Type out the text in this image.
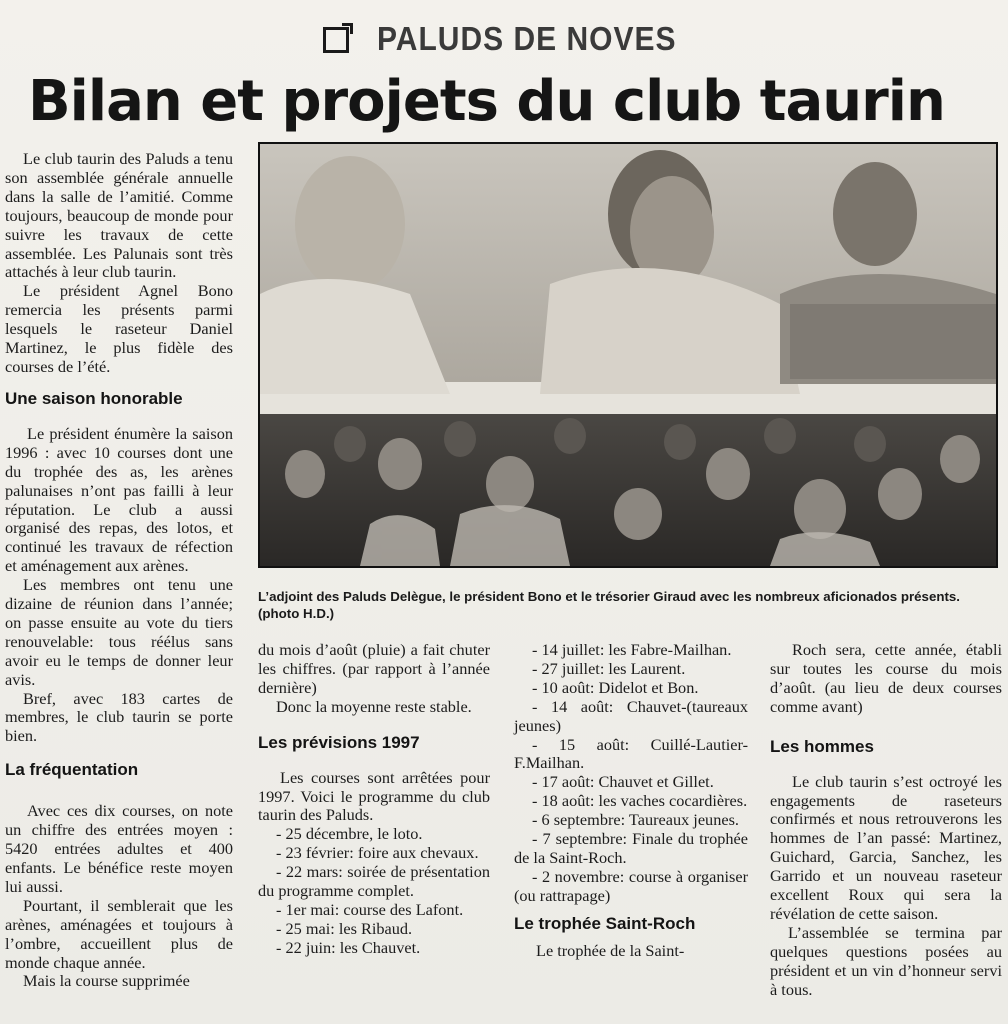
PALUDS DE NOVES
Bilan et projets du club taurin

Le club taurin des Paluds a tenu son assemblée générale annuelle dans la salle de l’amitié. Comme toujours, beaucoup de monde pour suivre les travaux de cette assemblée. Les Palunais sont très attachés à leur club taurin.

Le président Agnel Bono remercia les présents parmi lesquels le raseteur Daniel Martinez, le plus fidèle des courses de l’été.

Une saison honorable

Le président énumère la saison 1996 : avec 10 courses dont une du trophée des as, les arènes palunaises n’ont pas failli à leur réputation. Le club a aussi organisé des repas, des lotos, et continué les travaux de réfection et aménagement aux arènes.

Les membres ont tenu une dizaine de réunion dans l’année; on passe ensuite au vote du tiers renouvelable: tous réélus sans avoir eu le temps de donner leur avis.

Bref, avec 183 cartes de membres, le club taurin se porte bien.

La fréquentation

Avec ces dix courses, on note un chiffre des entrées moyen : 5420 entrées adultes et 400 enfants. Le bénéfice reste moyen lui aussi.

Pourtant, il semblerait que les arènes, aménagées et toujours à l’ombre, accueillent plus de monde chaque année.

Mais la course supprimée

L’adjoint des Paluds Delègue, le président Bono et le trésorier Giraud avec les nombreux aficionados présents. (photo H.D.)

du mois d’août (pluie) a fait chuter les chiffres. (par rapport à l’année dernière)

Donc la moyenne reste stable.

Les prévisions 1997

Les courses sont arrêtées pour 1997. Voici le programme du club taurin des Paluds.

- 25 décembre, le loto.

- 23 février: foire aux chevaux.

- 22 mars: soirée de présentation du programme complet.

- 1er mai: course des Lafont.

- 25 mai: les Ribaud.

- 22 juin: les Chauvet.

- 14 juillet: les Fabre-Mailhan.

- 27 juillet: les Laurent.

- 10 août: Didelot et Bon.

- 14 août: Chauvet-(taureaux jeunes)

- 15 août: Cuillé-Lautier-F.Mailhan.

- 17 août: Chauvet et Gillet.

- 18 août: les vaches cocardières.

- 6 septembre: Taureaux jeunes.

- 7 septembre: Finale du trophée de la Saint-Roch.

- 2 novembre: course à organiser (ou rattrapage)

Le trophée Saint-Roch

Le trophée de la Saint-

Roch sera, cette année, établi sur toutes les course du mois d’août. (au lieu de deux courses comme avant)

Les hommes

Le club taurin s’est octroyé les engagements de raseteurs confirmés et nous retrouverons les hommes de l’an passé: Martinez, Guichard, Garcia, Sanchez, les Garrido et un nouveau raseteur excellent Roux qui sera la révélation de cette saison.

L’assemblée se termina par quelques questions posées au président et un vin d’honneur servi à tous.
